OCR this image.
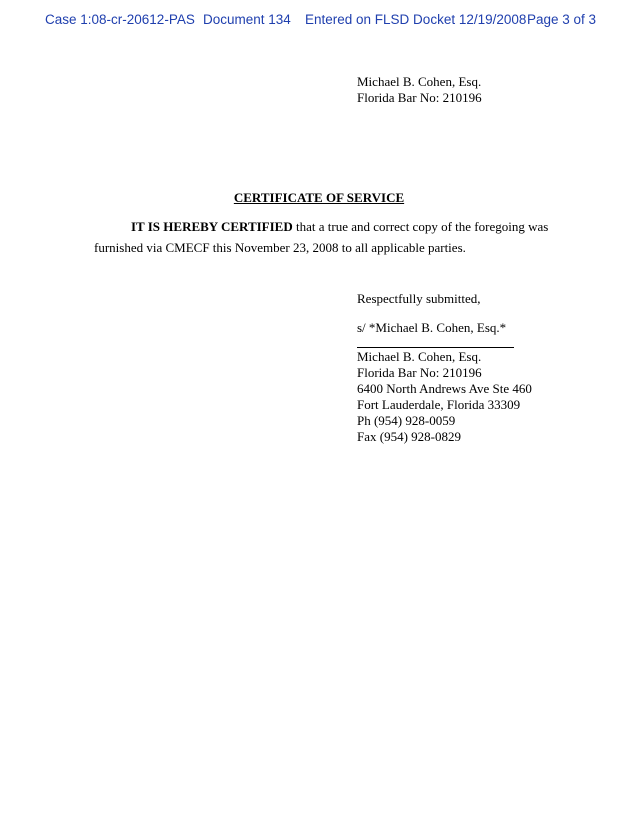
Case 1:08-cr-20612-PAS Document 134 Entered on FLSD Docket 12/19/2008 Page 3 of 3
Michael B. Cohen, Esq.
Florida Bar No: 210196
CERTIFICATE OF SERVICE
IT IS HEREBY CERTIFIED that a true and correct copy of the foregoing was
furnished via CMECF this November 23, 2008 to all applicable parties.
Respectfully submitted,
s/ *Michael B. Cohen, Esq.*
Michael B. Cohen, Esq.
Florida Bar No: 210196
6400 North Andrews Ave Ste 460
Fort Lauderdale, Florida 33309
Ph (954) 928-0059
Fax (954) 928-0829
